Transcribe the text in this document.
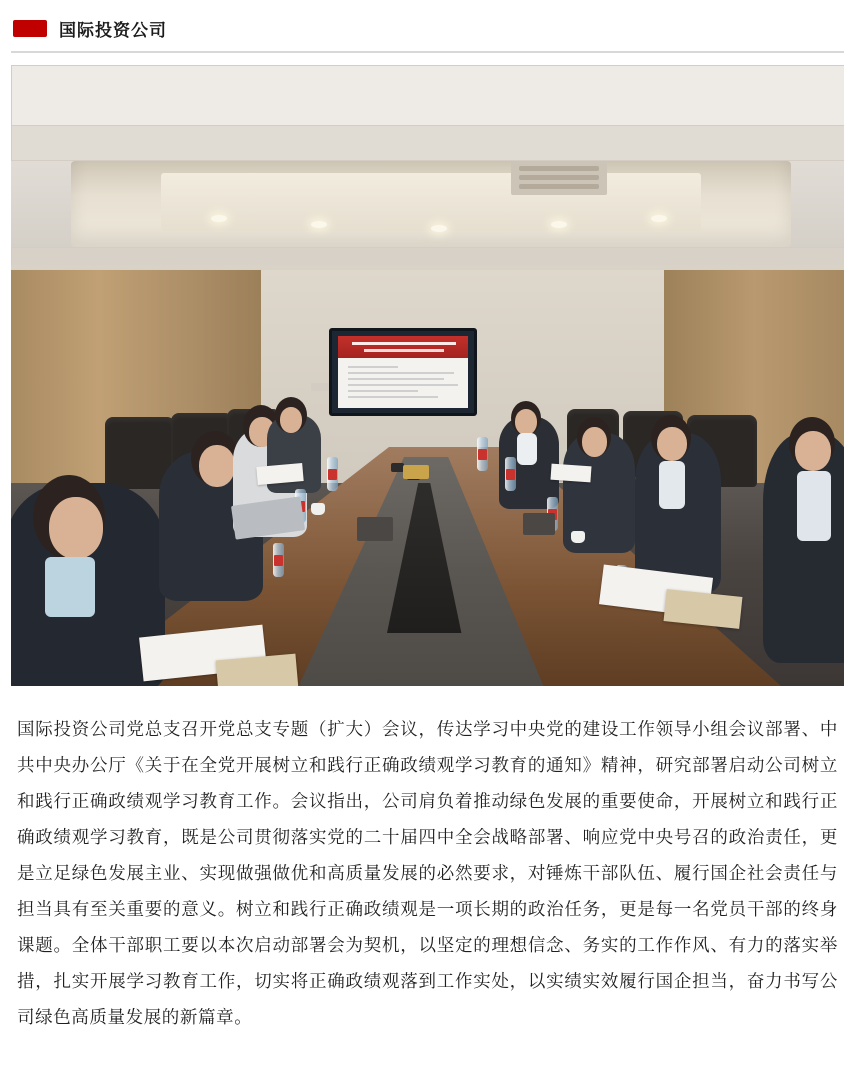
国际投资公司
国际投资公司党总支召开党总支专题（扩大）会议，传达学习中央党的建设工作领导小组会议部署、中共中央办公厅《关于在全党开展树立和践行正确政绩观学习教育的通知》精神，研究部署启动公司树立和践行正确政绩观学习教育工作。会议指出，公司肩负着推动绿色发展的重要使命，开展树立和践行正确政绩观学习教育，既是公司贯彻落实党的二十届四中全会战略部署、响应党中央号召的政治责任，更是立足绿色发展主业、实现做强做优和高质量发展的必然要求，对锤炼干部队伍、履行国企社会责任与担当具有至关重要的意义。树立和践行正确政绩观是一项长期的政治任务，更是每一名党员干部的终身课题。全体干部职工要以本次启动部署会为契机，以坚定的理想信念、务实的工作作风、有力的落实举措，扎实开展学习教育工作，切实将正确政绩观落到工作实处，以实绩实效履行国企担当，奋力书写公司绿色高质量发展的新篇章。
